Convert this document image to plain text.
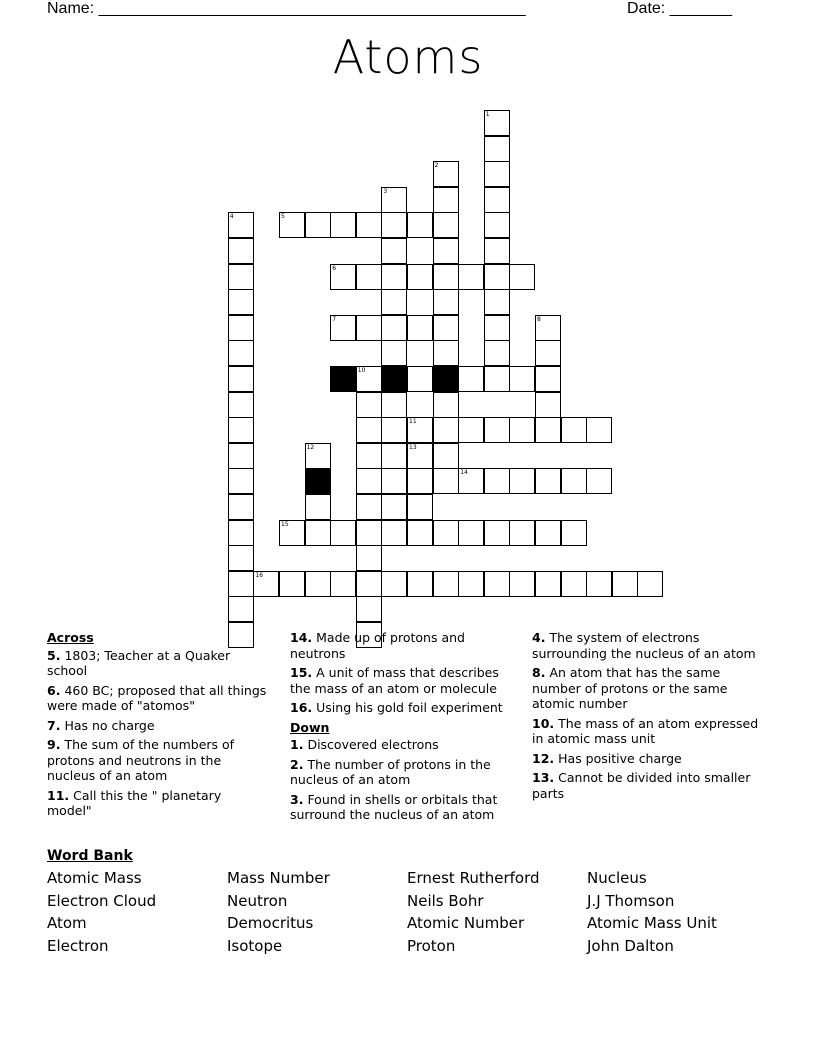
Name: ________________________________________________	Date: _______
Atoms
5
6
7
9	10
11
14
15
16
1
2
3
4
8
12	13
Across
5. 1803; Teacher at a Quaker school
6. 460 BC; proposed that all things were made of "atomos"
7. Has no charge
9. The sum of the numbers of protons and neutrons in the nucleus of an atom
11. Call this the " planetary model"
14. Made up of protons and neutrons
15. A unit of mass that describes the mass of an atom or molecule
16. Using his gold foil experiment
Down
1. Discovered electrons
2. The number of protons in the nucleus of an atom
3. Found in shells or orbitals that surround the nucleus of an atom
4. The system of electrons surrounding the nucleus of an atom
8. An atom that has the same number of protons or the same atomic number
10. The mass of an atom expressed in atomic mass unit
12. Has positive charge
13. Cannot be divided into smaller parts
Word Bank
Atomic Mass	Mass Number	Ernest Rutherford	Nucleus
Electron Cloud	Neutron	Neils Bohr	J.J Thomson
Atom	Democritus	Atomic Number	Atomic Mass Unit
Electron	Isotope	Proton	John Dalton
